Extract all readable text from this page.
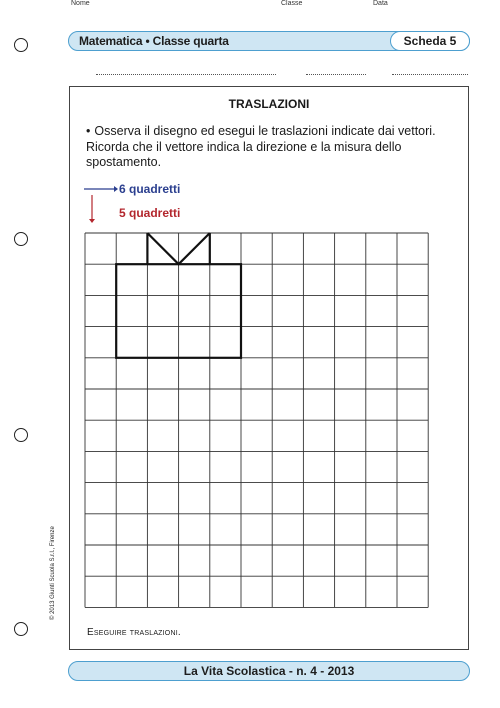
Matematica • Classe quarta	Scheda 5
Nome	Classe	Data
TRASLAZIONI
• Osserva il disegno ed esegui le traslazioni indicate dai vettori. Ricorda che il vettore indica la direzione e la misura dello spostamento.
Eseguire traslazioni.
6 quadretti
5 quadretti
© 2013 Giunti Scuola S.r.l., Firenze
La Vita Scolastica - n. 4 - 2013
